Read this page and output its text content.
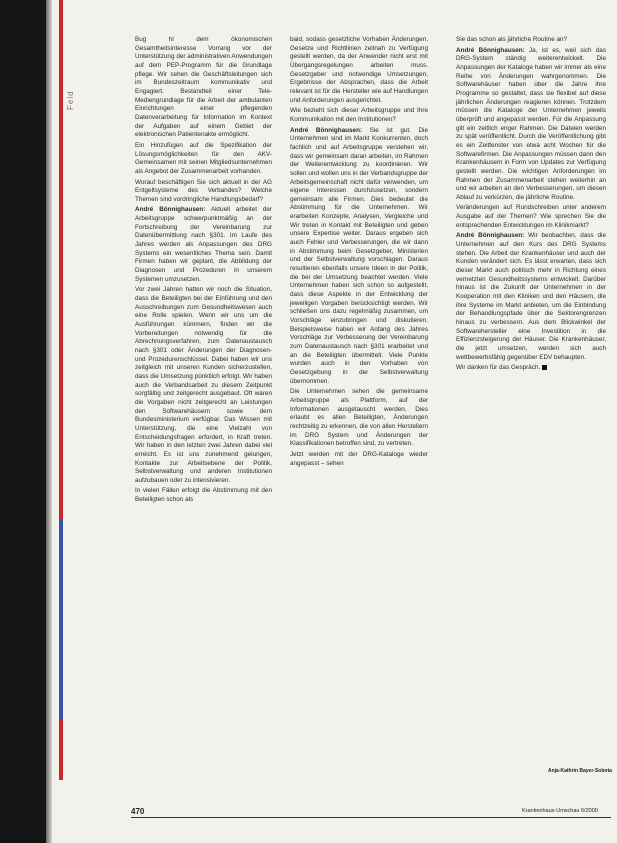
Feld

Bug hl dem ökonomischen Gesamtheitsinteresse Vorrang vor der Unterstützung der administrativen Anwendungen auf dem PEP-Programm für die Grundlage pflege. Wir sehen die Geschäftsleitungen sich im Bundeszeitraum kommunikativ und Engagiert. Bestandteil einer Tele-Mediengrundlage für die Arbeit der ambulanten Einrichtungen einer pflegenden Datenverarbeitung für Information im Kontext der Aufgaben auf einem Gebiet der elektronischen Patientenakte ermöglicht.

Ein Hinzufügen auf die Spezifikation der Lösungsmöglichkeiten für den AKV-Gemeinsamen mit seinen Mitgliedsunternehmen als Angebot der Zusammenarbeit vorhanden.

Worauf beschäftigen Sie sich aktuell in der AG Entgeltsysteme des Verbandes? Welche Themen sind vordringliche Handlungsbedarf?

André Bönnighausen: Aktuell arbeitet der Arbeitsgruppe schwerpunktmäßig an der Fortschreibung der Vereinbarung zur Datenübermittlung nach §301. Im Laufe des Jahres werden als Anpassungen des DRG Systems ein wesentliches Thema sein. Damit Firmen haben wir geplant, die Abbildung der Diagnosen und Prozeduren in unserem Systemen umzusetzen.

Vor zwei Jahren hatten wir noch die Situation, dass die Beteiligten bei der Einführung und den Ausschreibungen zum Gesundheitswesen auch eine Rolle spielen. Wenn wir uns um die Ausführungen kümmern, finden wir die Vorbereitungen notwendig für die Abrechnungsverfahren, zum Datenaustausch nach §301 oder Änderungen der Diagnosen- und Prozedurenschlüssel. Dabei haben wir uns zeitgleich mit unseren Kunden sicherzustellen, dass die Umsetzung pünktlich erfolgt. Wir haben auch die Verbandsarbeit zu diesem Zeitpunkt sorgfältig und zeitgerecht ausgebaut. Oft waren die Vorgaben nicht zeitgerecht an Leistungen den Softwarehäusern sowie dem Bundesministerium verfügbar. Das Wissen mit Unterstützung, die eine Vielzahl von Entscheidungsfragen erfordert, in Kraft treten. Wir haben in den letzten zwei Jahren dabei viel erreicht. Es ist uns zunehmend gelungen, Kontakte zur Arbeitsebene der Politik, Selbstverwaltung und anderen Institutionen aufzubauen oder zu intensivieren.

In vielen Fällen erfolgt die Abstimmung mit den Beteiligten schon als

bald, sodass gesetzliche Vorhaben Änderungen, Gesetze und Richtlinien zeitnah zu Verfügung gestellt werden, da der Anwender nicht erst mit Übergangsregelungen arbeiten muss. Gesetzgeber und notwendige Umsetzungen, Ergebnisse der Absprachen, dass die Arbeit relevant ist für die Hersteller wie auf Handlungen und Anforderungen ausgerichtet.

Wie bezieht sich dieser Arbeitsgruppe und Ihre Kommunikation mit den Institutionen?

André Bönnighausen: Sie ist gut. Die Unternehmen sind im Markt Konkurrenten, doch fachlich und auf Arbeitsgruppe verstehen wir, dass wir gemeinsam daran arbeiten, im Rahmen der Weiterentwicklung zu koordinieren. Wir sollen und wollen uns in der Verbandsgruppe der Arbeitsgemeinschaft nicht dafür verwenden, um eigene Interessen durchzusetzen, sondern gemeinsam alle Firmen. Dies bedeutet die Abstimmung für die Unternehmen. Wir erarbeiten Konzepte, Analysen, Vergleiche und Wir treten in Kontakt mit Beteiligten und geben unsere Expertise weiter. Daraus ergeben sich auch Fehler und Verbesserungen, die wir dann in Abstimmung beim Gesetzgeber, Ministerien und der Selbstverwaltung vorschlagen. Daraus resultieren ebenfalls unsere Ideen in der Politik, die bei der Umsetzung beachtet werden. Viele Unternehmen haben sich schon so aufgestellt, dass diese Aspekte in der Entwicklung der jeweiligen Vorgaben berücksichtigt werden. Wir schließen uns dazu regelmäßig zusammen, um Vorschläge einzubringen und diskutieren. Beispielsweise haben wir Anfang des Jahres Vorschläge zur Verbesserung der Vereinbarung zum Datenaustausch nach §301 erarbeitet und an die Beteiligten übermittelt. Viele Punkte wurden auch in den Vorhaben von Gesetzgebung in der Selbstverwaltung übernommen.

Die Unternehmen sehen die gemeinsame Arbeitsgruppe als Plattform, auf der Informationen ausgetauscht werden. Dies erlaubt es allen Beteiligten, Änderungen rechtzeitig zu erkennen, die von allen Herstellern im DRG System und Änderungen der Klassifikationen betroffen sind, zu vertreten.

Jetzt werden mit der DRG-Kataloge wieder angepasst – sehen

Sie das schon als jährliche Routine an?

André Bönnighausen: Ja, ist es, weil sich das DRG-System ständig weiterentwickelt. Die Anpassungen der Kataloge haben wir immer als eine Reihe von Änderungen wahrgenommen. Die Softwarehäuser haben über die Jahre ihre Programme so gestaltet, dass sie flexibel auf diese jährlichen Änderungen reagieren können. Trotzdem müssen die Kataloge der Unternehmen jeweils überprüft und angepasst werden. Für die Anpassung gilt ein zeitlich enger Rahmen. Die Dateien werden zu spät veröffentlicht. Durch die Veröffentlichung gibt es ein Zeitfenster von etwa acht Wochen für die Softwarefirmen. Die Anpassungen müssen dann den Krankenhäusern in Form von Updates zur Verfügung gestellt werden. Die wichtigen Anforderungen im Rahmen der Zusammenarbeit stehen weiterhin an und wir arbeiten an den Verbesserungen, um diesen Ablauf zu verkürzen, die jährliche Routine.

Veränderungen auf Rundschreiben unter anderem Ausgabe auf der Themen? Wie sprechen Sie die entsprechenden Entwicklungen im Klinikmarkt?

André Bönnighausen: Wir beobachten, dass die Unternehmen auf den Kurs des DRG Systems stehen. Die Arbeit der Krankenhäuser und auch der Kunden verändert sich. Es lässt erwarten, dass sich dieser Markt auch politisch mehr in Richtung eines vernetzten Gesundheitssystems entwickelt. Darüber hinaus ist die Zukunft der Unternehmen in der Kooperation mit den Kliniken und den Häusern, die ihre Systeme im Markt anbieten, um die Einbindung der Behandlungspfade über die Sektorengrenzen hinaus zu verbessern. Aus dem Blickwinkel der Softwarehersteller eine Investition in die Effizienzsteigerung der Häuser. Die Krankenhäuser, die jetzt umsetzen, werden sich auch wettbewerbsfähig gegenüber EDV behaupten.

Wir danken für das Gespräch.

Anja-Kathrin Bayer-Sobota
470	Krankenhaus-Umschau 6/2000
